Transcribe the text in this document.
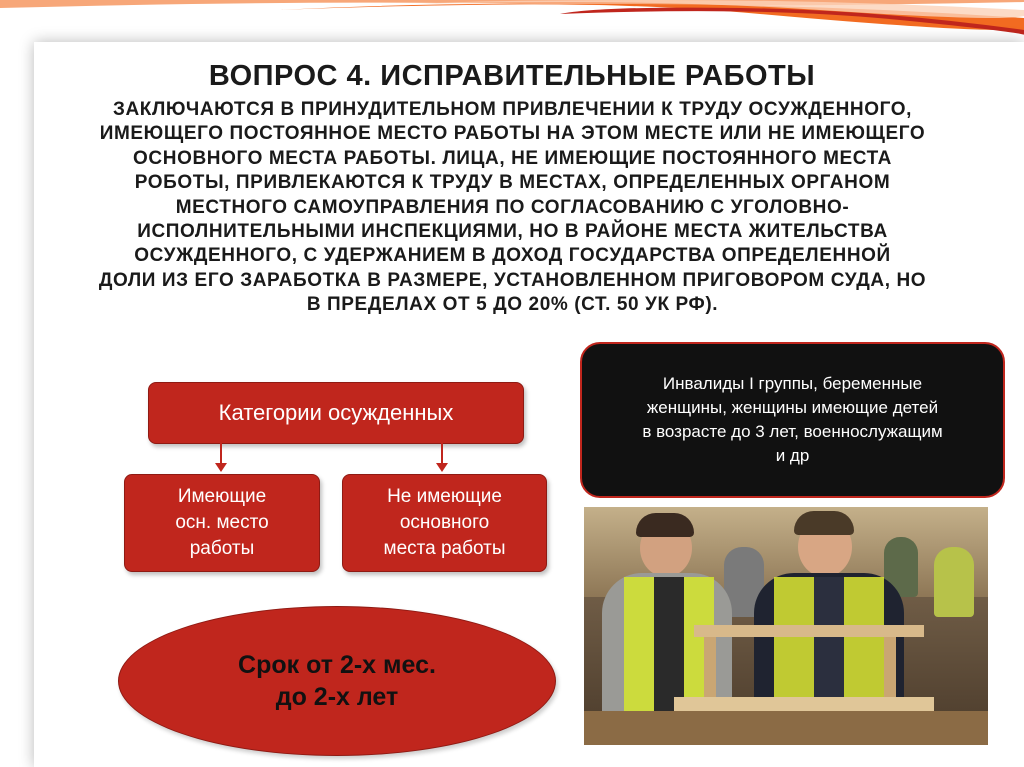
ВОПРОС 4. ИСПРАВИТЕЛЬНЫЕ РАБОТЫ
ЗАКЛЮЧАЮТСЯ В ПРИНУДИТЕЛЬНОМ ПРИВЛЕЧЕНИИ К ТРУДУ ОСУЖДЕННОГО,
ИМЕЮЩЕГО ПОСТОЯННОЕ МЕСТО РАБОТЫ НА ЭТОМ МЕСТЕ ИЛИ НЕ ИМЕЮЩЕГО
ОСНОВНОГО МЕСТА РАБОТЫ. ЛИЦА, НЕ ИМЕЮЩИЕ ПОСТОЯННОГО МЕСТА
РОБОТЫ, ПРИВЛЕКАЮТСЯ К ТРУДУ В МЕСТАХ, ОПРЕДЕЛЕННЫХ ОРГАНОМ
МЕСТНОГО САМОУПРАВЛЕНИЯ ПО СОГЛАСОВАНИЮ С УГОЛОВНО-
ИСПОЛНИТЕЛЬНЫМИ ИНСПЕКЦИЯМИ, НО В РАЙОНЕ МЕСТА ЖИТЕЛЬСТВА
ОСУЖДЕННОГО, С УДЕРЖАНИЕМ В ДОХОД ГОСУДАРСТВА ОПРЕДЕЛЕННОЙ
ДОЛИ ИЗ ЕГО ЗАРАБОТКА В РАЗМЕРЕ, УСТАНОВЛЕННОМ ПРИГОВОРОМ СУДА, НО
В ПРЕДЕЛАХ ОТ 5 ДО 20% (СТ. 50 УК РФ).
Категории осужденных
Имеющие
осн. место
работы
Не имеющие
основного
места работы
Срок от 2-х мес.
до 2-х лет
Инвалиды I группы, беременные
женщины, женщины имеющие детей
в возрасте до 3 лет, военнослужащим
и др
